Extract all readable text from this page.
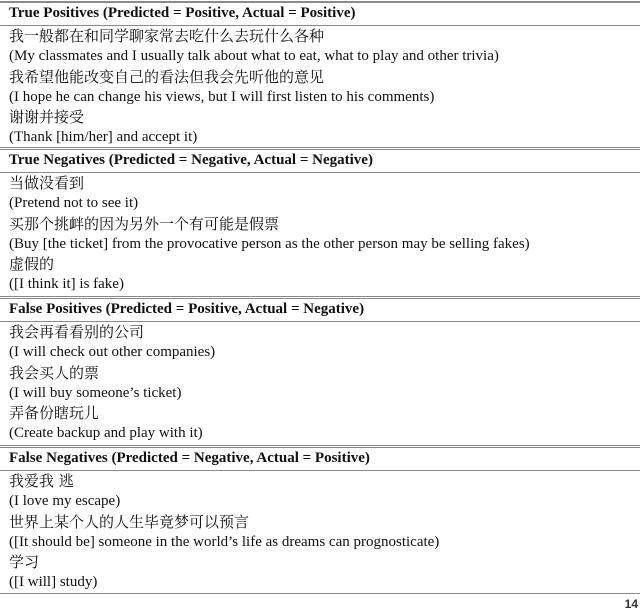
True Positives (Predicted = Positive, Actual = Positive)
我一般都在和同学聊家常去吃什么去玩什么各种
(My classmates and I usually talk about what to eat, what to play and other trivia)
我希望他能改变自己的看法但我会先听他的意见
(I hope he can change his views, but I will first listen to his comments)
谢谢并接受
(Thank [him/her] and accept it)
True Negatives (Predicted = Negative, Actual = Negative)
当做没看到
(Pretend not to see it)
买那个挑衅的因为另外一个有可能是假票
(Buy [the ticket] from the provocative person as the other person may be selling fakes)
虚假的
([I think it] is fake)
False Positives (Predicted = Positive, Actual = Negative)
我会再看看别的公司
(I will check out other companies)
我会买人的票
(I will buy someone’s ticket)
弄备份瞎玩儿
(Create backup and play with it)
False Negatives (Predicted = Negative, Actual = Positive)
我爱我 逃
(I love my escape)
世界上某个人的人生毕竟梦可以预言
([It should be] someone in the world’s life as dreams can prognosticate)
学习
([I will] study)
14
